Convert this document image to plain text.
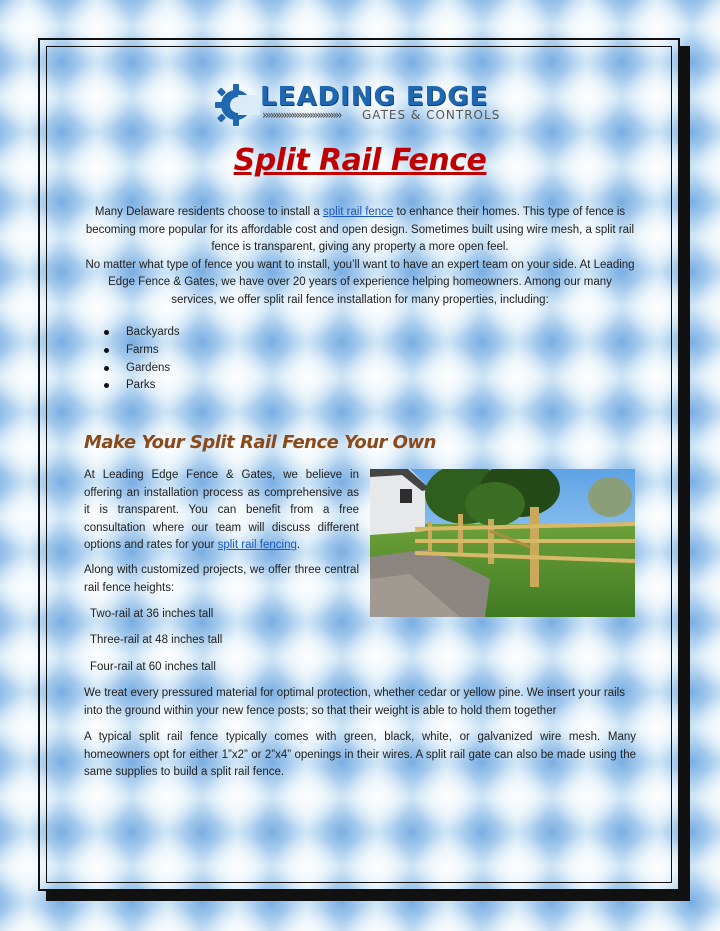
LEADING EDGE
»»»»»»»»»»»»»»» GATES & CONTROLS
Split Rail Fence

Many Delaware residents choose to install a split rail fence to enhance their homes. This type of fence is becoming more popular for its affordable cost and open design. Sometimes built using wire mesh, a split rail fence is transparent, giving any property a more open feel.

No matter what type of fence you want to install, you’ll want to have an expert team on your side. At Leading Edge Fence & Gates, we have over 20 years of experience helping homeowners. Among our many services, we offer split rail fence installation for many properties, including:

Backyards
Farms
Gardens
Parks
Make Your Split Rail Fence Your Own

At Leading Edge Fence & Gates, we believe in offering an installation process as comprehensive as it is transparent. You can benefit from a free consultation where our team will discuss different options and rates for your split rail fencing.

Along with customized projects, we offer three central rail fence heights:

Two-rail at 36 inches tall
Three-rail at 48 inches tall
Four-rail at 60 inches tall
We treat every pressured material for optimal protection, whether cedar or yellow pine. We insert your rails into the ground within your new fence posts; so that their weight is able to hold them together
A typical split rail fence typically comes with green, black, white, or galvanized wire mesh. Many homeowners opt for either 1”x2” or 2”x4” openings in their wires. A split rail gate can also be made using the same supplies to build a split rail fence.
